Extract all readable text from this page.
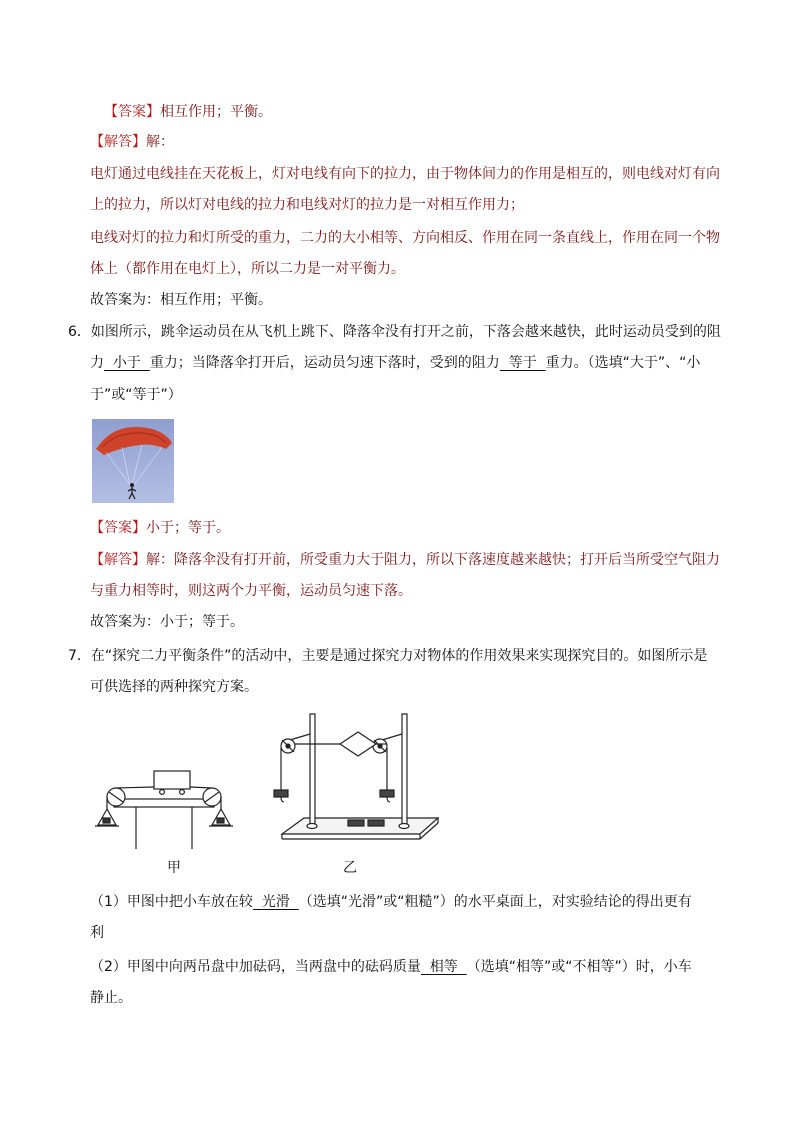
【答案】相互作用；平衡。
【解答】解：
电灯通过电线挂在天花板上，灯对电线有向下的拉力，由于物体间力的作用是相互的，则电线对灯有向
上的拉力，所以灯对电线的拉力和电线对灯的拉力是一对相互作用力；
电线对灯的拉力和灯所受的重力，二力的大小相等、方向相反、作用在同一条直线上，作用在同一个物
体上（都作用在电灯上），所以二力是一对平衡力。
故答案为：相互作用；平衡。
6．如图所示，跳伞运动员在从飞机上跳下、降落伞没有打开之前，下落会越来越快，此时运动员受到的阻
力  小于  重力；当降落伞打开后，运动员匀速下落时，受到的阻力  等于  重力。（选填“大于”、“小
于”或“等于”）
【答案】小于；等于。
【解答】解：降落伞没有打开前，所受重力大于阻力，所以下落速度越来越快；打开后当所受空气阻力
与重力相等时，则这两个力平衡，运动员匀速下落。
故答案为：小于；等于。
7．在“探究二力平衡条件”的活动中，主要是通过探究力对物体的作用效果来实现探究目的。如图所示是
可供选择的两种探究方案。
甲	乙
（1）甲图中把小车放在较  光滑  （选填“光滑”或“粗糙”）的水平桌面上，对实验结论的得出更有
利
（2）甲图中向两吊盘中加砝码，当两盘中的砝码质量  相等  （选填“相等”或“不相等”）时，小车
静止。
